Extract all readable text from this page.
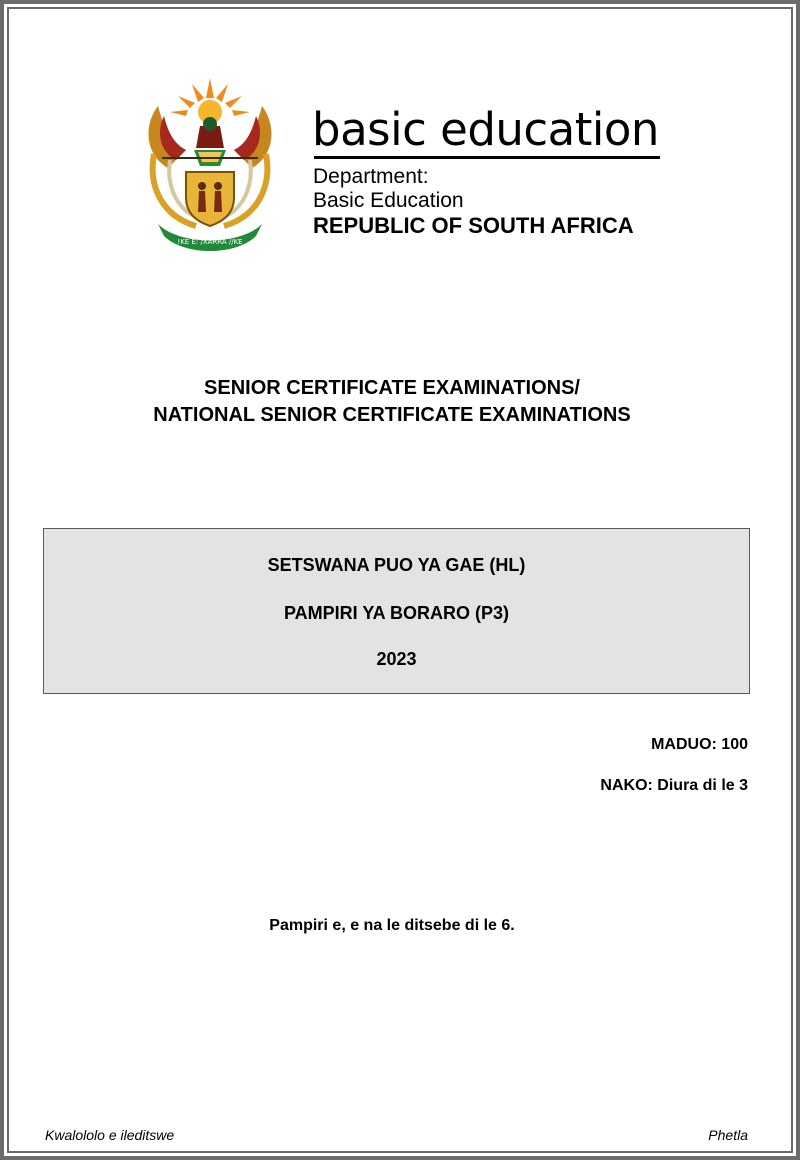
!KE E: /XARRA //KE
basic education
Department:
Basic Education
REPUBLIC OF SOUTH AFRICA
SENIOR CERTIFICATE EXAMINATIONS/
NATIONAL SENIOR CERTIFICATE EXAMINATIONS
SETSWANA PUO YA GAE (HL)
PAMPIRI YA BORARO (P3)
2023
MADUO: 100
NAKO: Diura di le 3
Pampiri e, e na le ditsebe di le 6.
Kwalololo e ileditswe	Phetla
